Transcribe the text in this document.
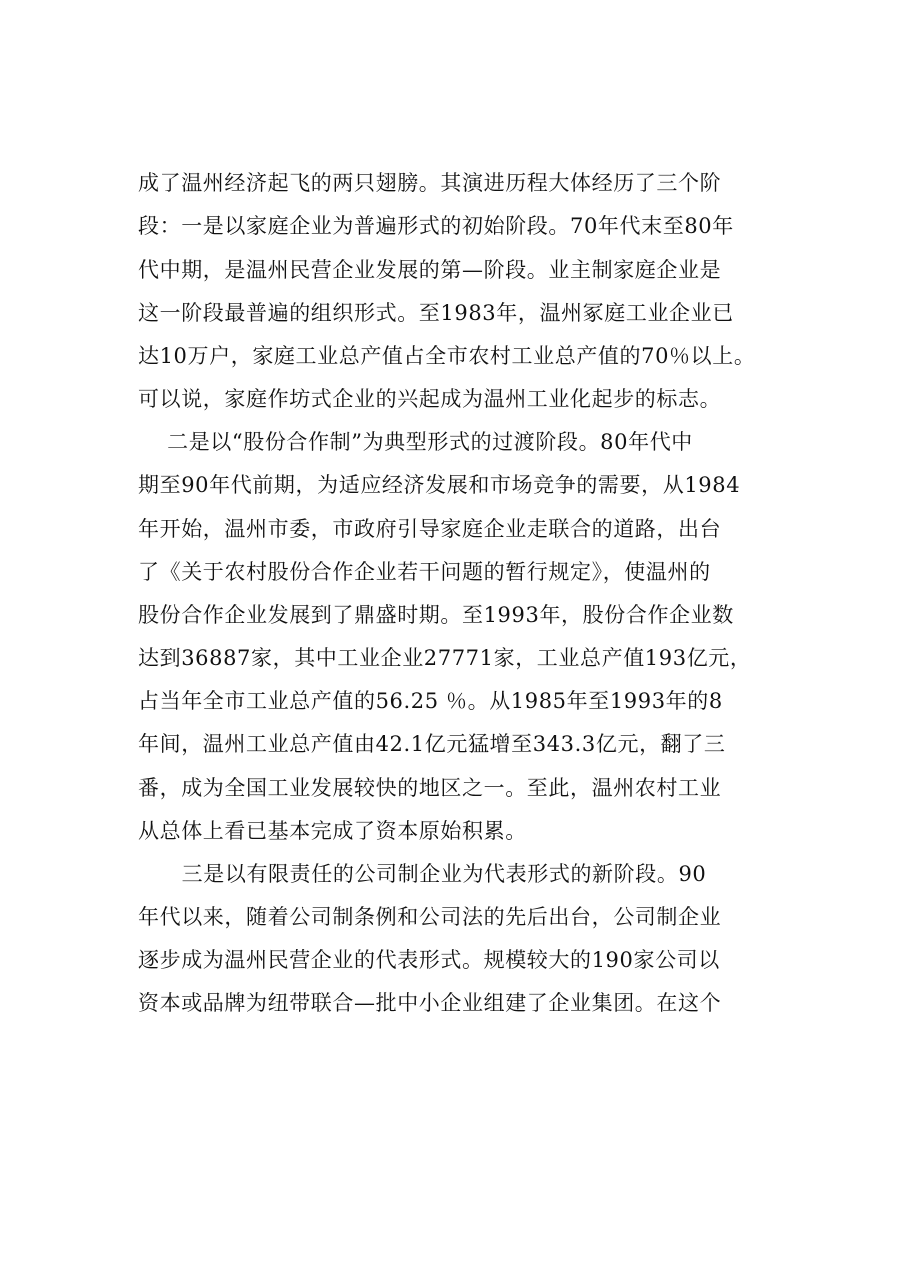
成了温州经济起飞的两只翅膀。其演进历程大体经历了三个阶
段：一是以家庭企业为普遍形式的初始阶段。70年代末至80年
代中期，是温州民营企业发展的第—阶段。业主制家庭企业是
这一阶段最普遍的组织形式。至1983年，温州冢庭工业企业已
达10万户，家庭工业总产值占全市农村工业总产值的70％以上。
可以说，家庭作坊式企业的兴起成为温州工业化起步的标志。
二是以“股份合作制”为典型形式的过渡阶段。80年代中
期至90年代前期，为适应经济发展和市场竞争的需要，从1984
年开始，温州市委，市政府引导家庭企业走联合的道路，出台
了《关于农村股份合作企业若干问题的暂行规定》，使温州的
股份合作企业发展到了鼎盛时期。至1993年，股份合作企业数
达到36887家，其中工业企业27771家，工业总产值193亿元，
占当年全市工业总产值的56.25 ％。从1985年至1993年的8
年间，温州工业总产值由42.1亿元猛增至343.3亿元，翻了三
番，成为全国工业发展较快的地区之一。至此，温州农村工业
从总体上看已基本完成了资本原始积累。
三是以有限责任的公司制企业为代表形式的新阶段。90
年代以来，随着公司制条例和公司法的先后出台，公司制企业
逐步成为温州民营企业的代表形式。规模较大的190家公司以
资本或品牌为纽带联合—批中小企业组建了企业集团。在这个
